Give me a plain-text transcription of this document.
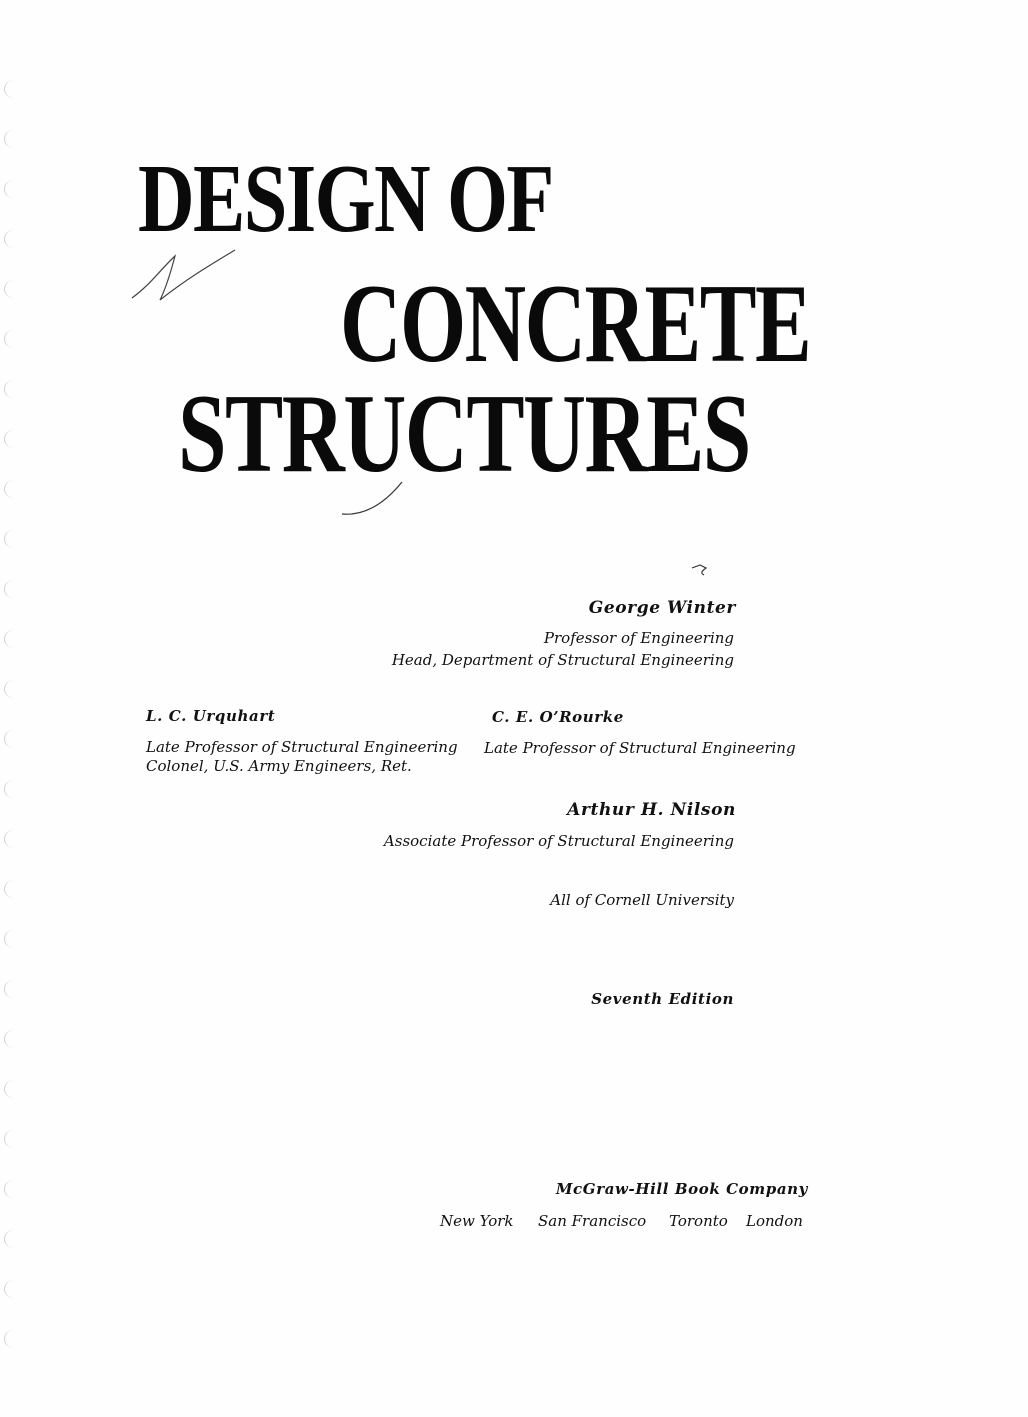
DESIGN OF
CONCRETE
STRUCTURES
George Winter
Professor of Engineering
Head, Department of Structural Engineering
L. C. Urquhart
Late Professor of Structural Engineering
Colonel, U.S. Army Engineers, Ret.
C. E. O’Rourke
Late Professor of Structural Engineering
Arthur H. Nilson
Associate Professor of Structural Engineering
All of Cornell University
Seventh Edition
McGraw-Hill Book Company
New York San Francisco Toronto London
